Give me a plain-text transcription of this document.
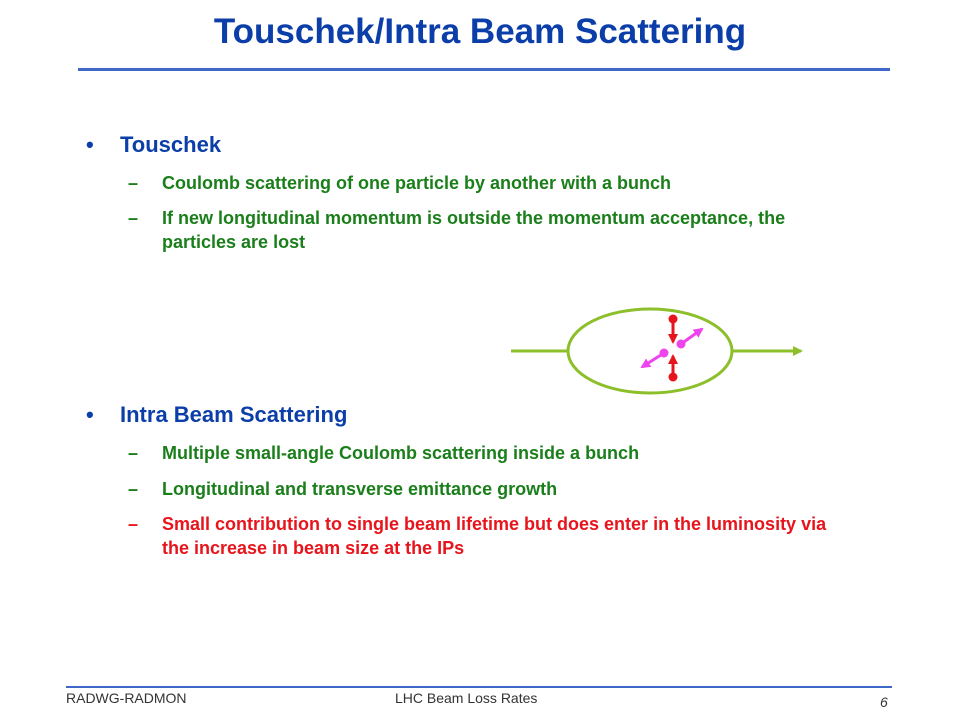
Touschek/Intra Beam Scattering
• Touschek
– Coulomb scattering of one particle by another with a bunch
– If new longitudinal momentum is outside the momentum acceptance, the particles are lost
• Intra Beam Scattering
– Multiple small-angle Coulomb scattering inside a bunch
– Longitudinal and transverse emittance growth
– Small contribution to single beam lifetime but does enter in the luminosity via the increase in beam size at the IPs
RADWG-RADMON	LHC Beam Loss Rates	6
